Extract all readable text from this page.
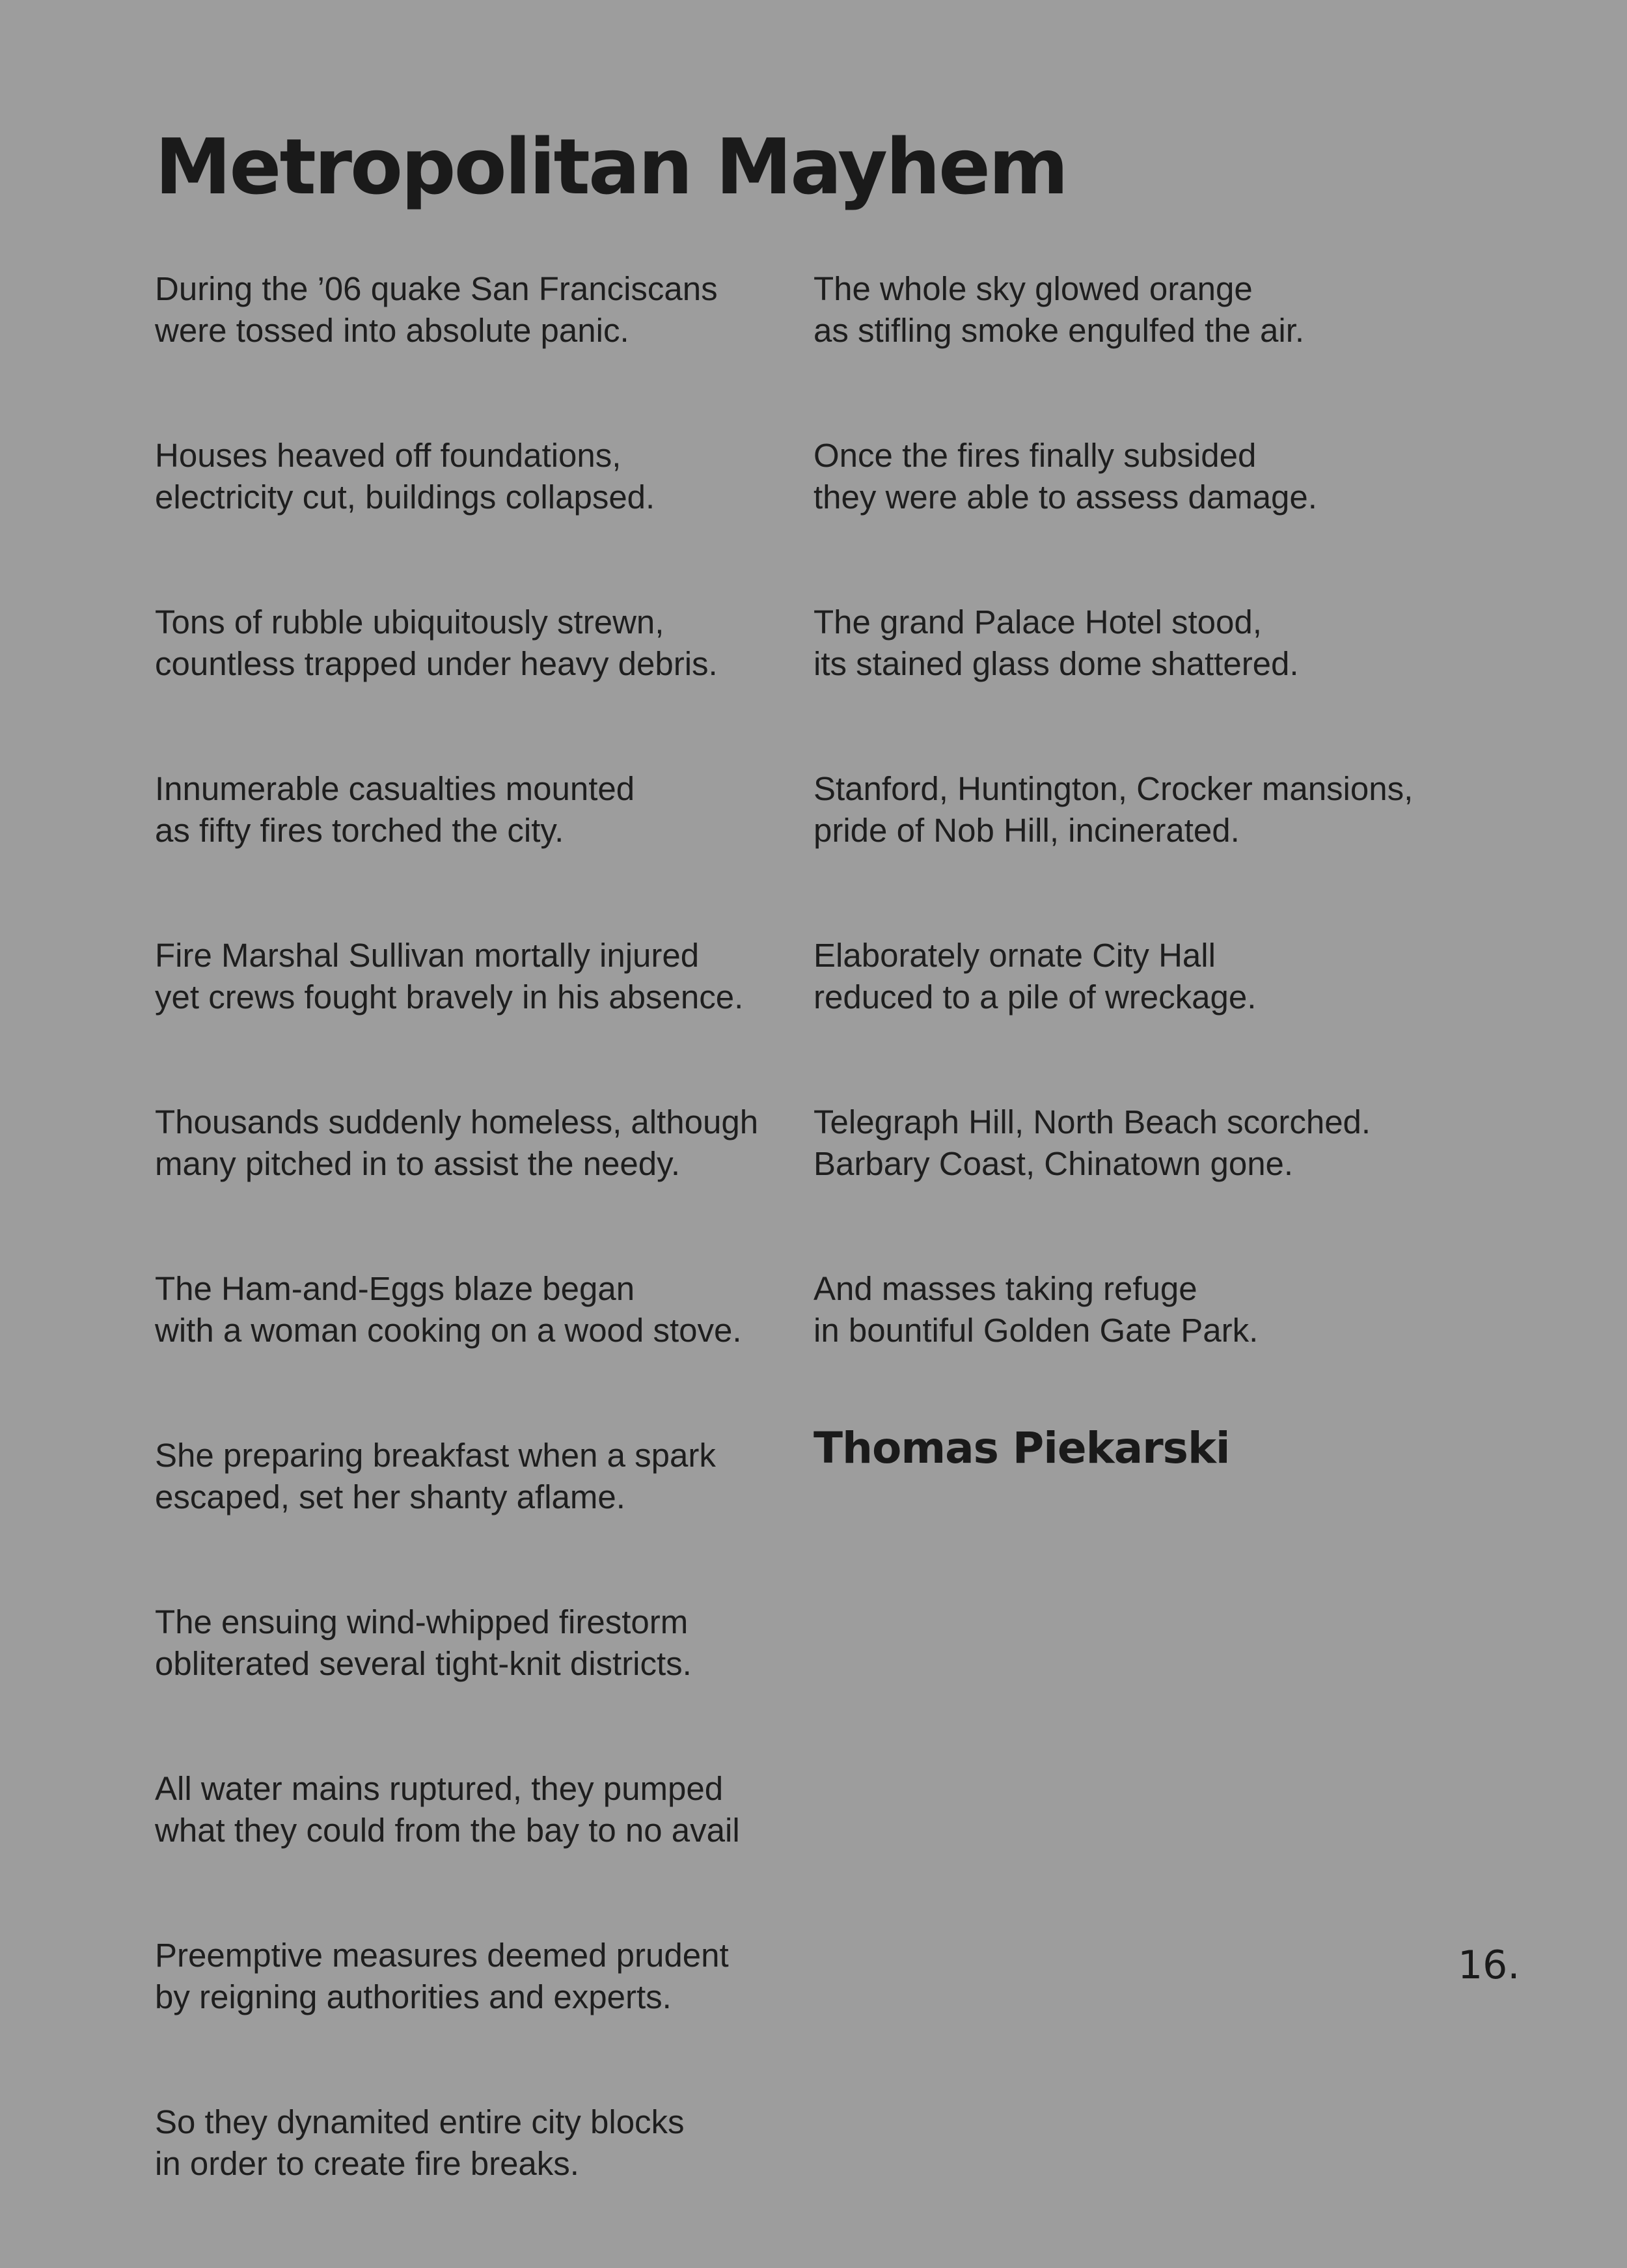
Metropolitan Mayhem
During the ’06 quake San Franciscans
were tossed into absolute panic.
Houses heaved off foundations,
electricity cut, buildings collapsed.
Tons of rubble ubiquitously strewn,
countless trapped under heavy debris.
Innumerable casualties mounted
as fifty fires torched the city.
Fire Marshal Sullivan mortally injured
yet crews fought bravely in his absence.
Thousands suddenly homeless, although
many pitched in to assist the needy.
The Ham-and-Eggs blaze began
with a woman cooking on a wood stove.
She preparing breakfast when a spark
escaped, set her shanty aflame.
The ensuing wind-whipped firestorm
obliterated several tight-knit districts.
All water mains ruptured, they pumped
what they could from the bay to no avail
Preemptive measures deemed prudent
by reigning authorities and experts.
So they dynamited entire city blocks
in order to create fire breaks.
The whole sky glowed orange
as stifling smoke engulfed the air.
Once the fires finally subsided
they were able to assess damage.
The grand Palace Hotel stood,
its stained glass dome shattered.
Stanford, Huntington, Crocker mansions,
pride of Nob Hill, incinerated.
Elaborately ornate City Hall
reduced to a pile of wreckage.
Telegraph Hill, North Beach scorched.
Barbary Coast, Chinatown gone.
And masses taking refuge
in bountiful Golden Gate Park.
Thomas Piekarski
16.
